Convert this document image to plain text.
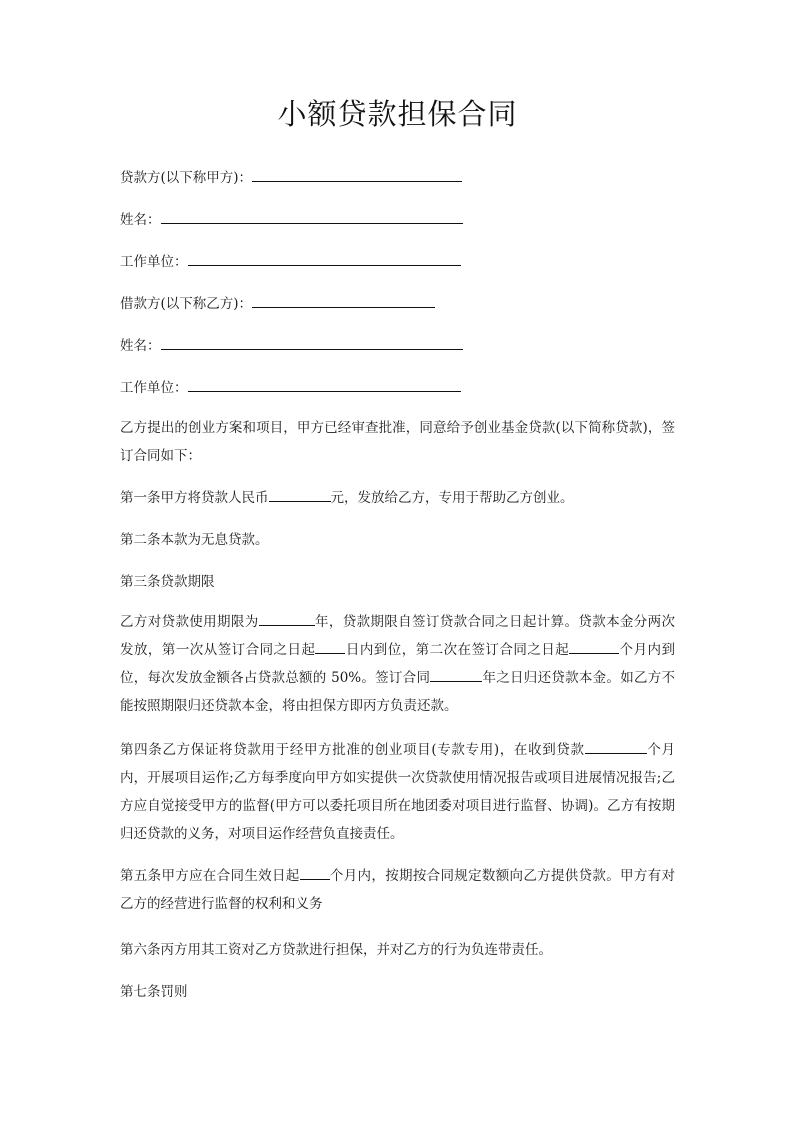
小额贷款担保合同

贷款方(以下称甲方)：

姓名：

工作单位：

借款方(以下称乙方)：

姓名：

工作单位：

乙方提出的创业方案和项目，甲方已经审查批准，同意给予创业基金贷款(以下简称贷款)，签订合同如下：

第一条甲方将贷款人民币	元，发放给乙方，专用于帮助乙方创业。

第二条本款为无息贷款。

第三条贷款期限

乙方对贷款使用期限为	年，贷款期限自签订贷款合同之日起计算。贷款本金分两次发放，第一次从签订合同之日起 日内到位，第二次在签订合同之日起	个月内到位，每次发放金额各占贷款总额的 50%。签订合同	年之日归还贷款本金。如乙方不能按照期限归还贷款本金，将由担保方即丙方负责还款。

第四条乙方保证将贷款用于经甲方批准的创业项目(专款专用)，在收到贷款	个月内，开展项目运作;乙方每季度向甲方如实提供一次贷款使用情况报告或项目进展情况报告;乙方应自觉接受甲方的监督(甲方可以委托项目所在地团委对项目进行监督、协调)。乙方有按期归还贷款的义务，对项目运作经营负直接责任。

第五条甲方应在合同生效日起 个月内，按期按合同规定数额向乙方提供贷款。甲方有对乙方的经营进行监督的权利和义务

第六条丙方用其工资对乙方贷款进行担保，并对乙方的行为负连带责任。

第七条罚则
